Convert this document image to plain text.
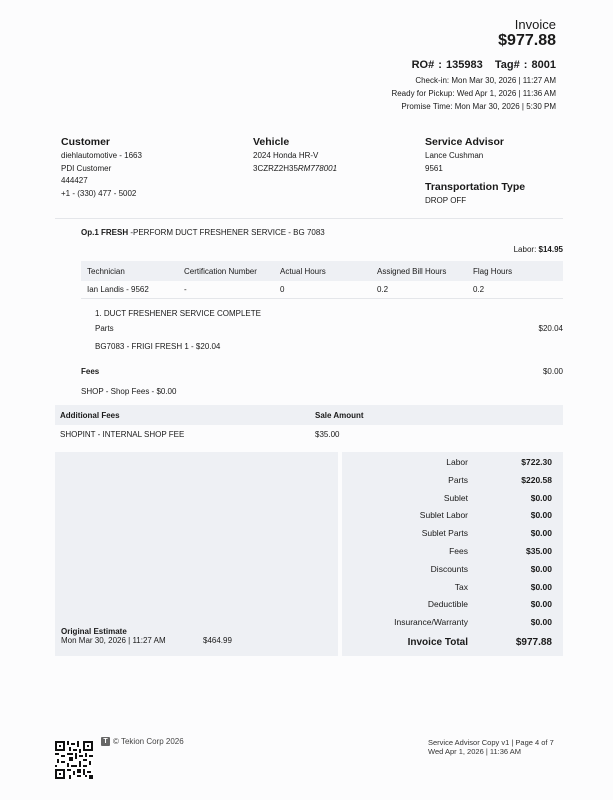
Invoice
$977.88
RO# : 135983 Tag# : 8001
Check-in: Mon Mar 30, 2026 | 11:27 AM
Ready for Pickup: Wed Apr 1, 2026 | 11:36 AM
Promise Time: Mon Mar 30, 2026 | 5:30 PM
Customer
diehlautomotive - 1663
PDI Customer
444427
+1 - (330) 477 - 5002
Vehicle
2024 Honda HR-V
3CZRZ2H35RM778001
Service Advisor
Lance Cushman
9561
Transportation Type
DROP OFF
Op.1 FRESH -PERFORM DUCT FRESHENER SERVICE - BG 7083
Labor: $14.95
Technician	Certification Number	Actual Hours	Assigned Bill Hours	Flag Hours
Ian Landis - 9562	-	0	0.2	0.2
1. DUCT FRESHENER SERVICE COMPLETE
Parts	$20.04
BG7083 - FRIGI FRESH 1 - $20.04
Fees	$0.00
SHOP - Shop Fees - $0.00
Additional Fees	Sale Amount
SHOPINT - INTERNAL SHOP FEE	$35.00
Labor	$722.30
Parts	$220.58
Sublet	$0.00
Sublet Labor	$0.00
Sublet Parts	$0.00
Fees	$35.00
Discounts	$0.00
Tax	$0.00
Deductible	$0.00
Insurance/Warranty	$0.00
Invoice Total	$977.88
Original Estimate
Mon Mar 30, 2026 | 11:27 AM	$464.99
T © Tekion Corp 2026	Service Advisor Copy v1 | Page 4 of 7
Wed Apr 1, 2026 | 11:36 AM
